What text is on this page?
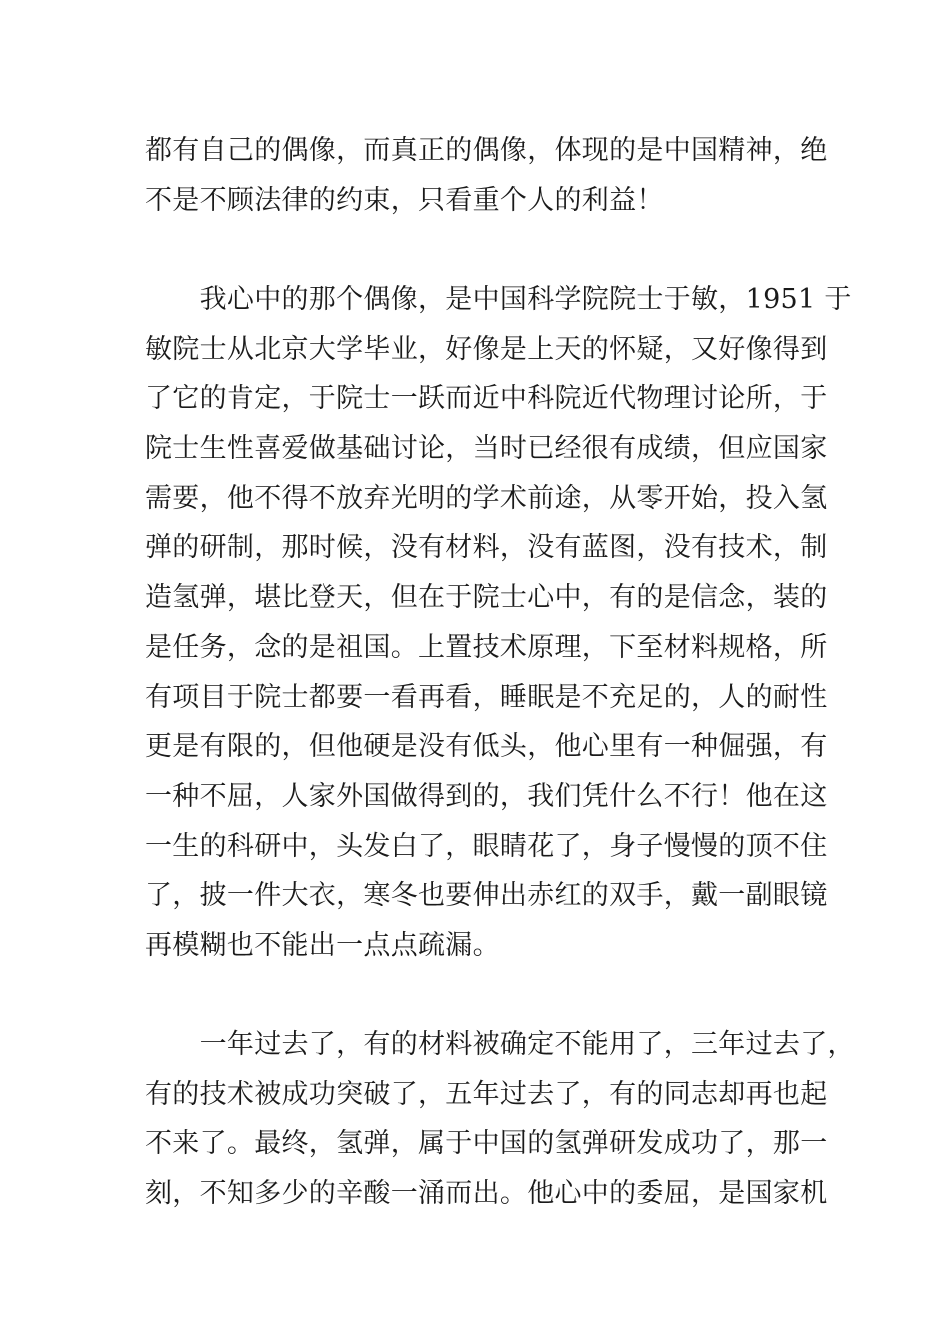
都有自己的偶像，而真正的偶像，体现的是中国精神，绝
不是不顾法律的约束，只看重个人的利益！
　　我心中的那个偶像，是中国科学院院士于敏，1951 于
敏院士从北京大学毕业，好像是上天的怀疑，又好像得到
了它的肯定，于院士一跃而近中科院近代物理讨论所，于
院士生性喜爱做基础讨论，当时已经很有成绩，但应国家
需要，他不得不放弃光明的学术前途，从零开始，投入氢
弹的研制，那时候，没有材料，没有蓝图，没有技术，制
造氢弹，堪比登天，但在于院士心中，有的是信念，装的
是任务，念的是祖国。上置技术原理，下至材料规格，所
有项目于院士都要一看再看，睡眠是不充足的，人的耐性
更是有限的，但他硬是没有低头，他心里有一种倔强，有
一种不屈，人家外国做得到的，我们凭什么不行！他在这
一生的科研中，头发白了，眼睛花了，身子慢慢的顶不住
了，披一件大衣，寒冬也要伸出赤红的双手，戴一副眼镜
再模糊也不能出一点点疏漏。
　　一年过去了，有的材料被确定不能用了，三年过去了，
有的技术被成功突破了，五年过去了，有的同志却再也起
不来了。最终，氢弹，属于中国的氢弹研发成功了，那一
刻，不知多少的辛酸一涌而出。他心中的委屈，是国家机
